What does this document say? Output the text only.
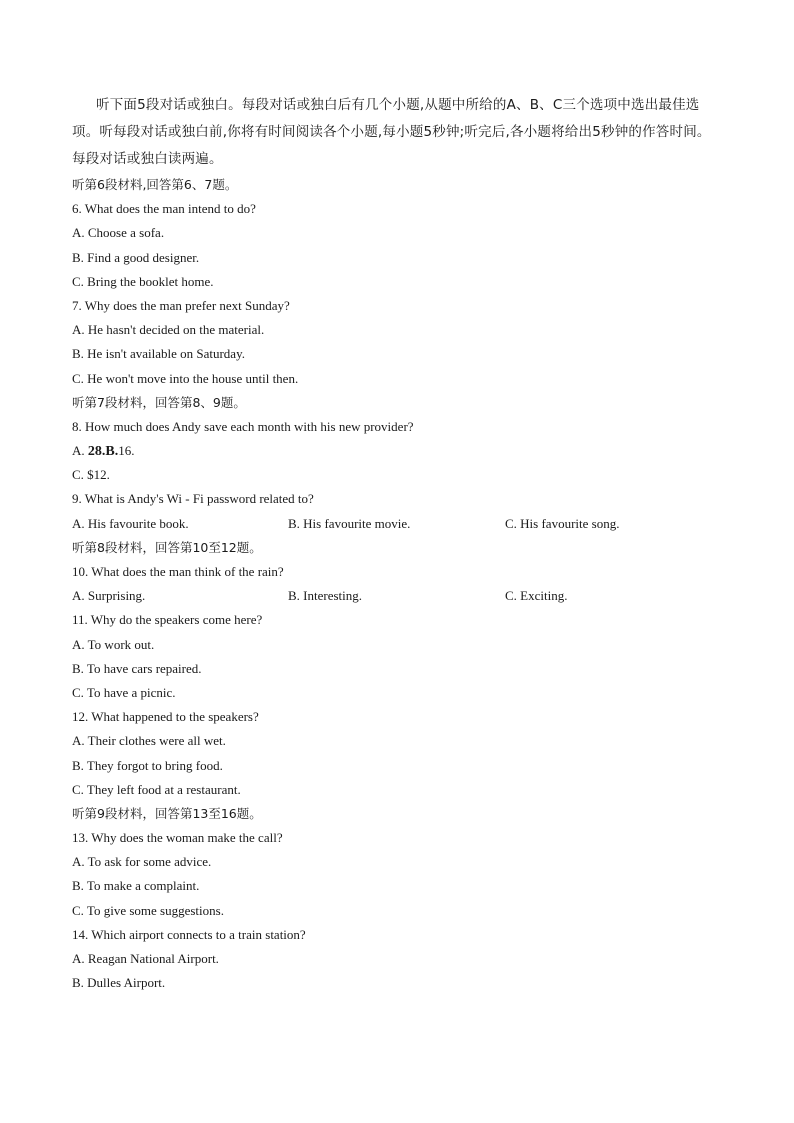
听下面5段对话或独白。每段对话或独白后有几个小题,从题中所给的A、B、C三个选项中选出最佳选项。听每段对话或独白前,你将有时间阅读各个小题,每小题5秒钟;听完后,各小题将给出5秒钟的作答时间。每段对话或独白读两遍。

听第6段材料,回答第6、7题。
6. What does the man intend to do?
A. Choose a sofa.
B. Find a good designer.
C. Bring the booklet home.
7. Why does the man prefer next Sunday?
A. He hasn't decided on the material.
B. He isn't available on Saturday.
C. He won't move into the house until then.
听第7段材料，回答第8、9题。
8. How much does Andy save each month with his new provider?
A. 28.B.16.
C. $12.
9. What is Andy's Wi - Fi password related to?
A. His favourite book.	B. His favourite movie.	C. His favourite song.
听第8段材料，回答第10至12题。
10. What does the man think of the rain?
A. Surprising.	B. Interesting.	C. Exciting.
11. Why do the speakers come here?
A. To work out.
B. To have cars repaired.
C. To have a picnic.
12. What happened to the speakers?
A. Their clothes were all wet.
B. They forgot to bring food.
C. They left food at a restaurant.
听第9段材料，回答第13至16题。
13. Why does the woman make the call?
A. To ask for some advice.
B. To make a complaint.
C. To give some suggestions.
14. Which airport connects to a train station?
A. Reagan National Airport.
B. Dulles Airport.
